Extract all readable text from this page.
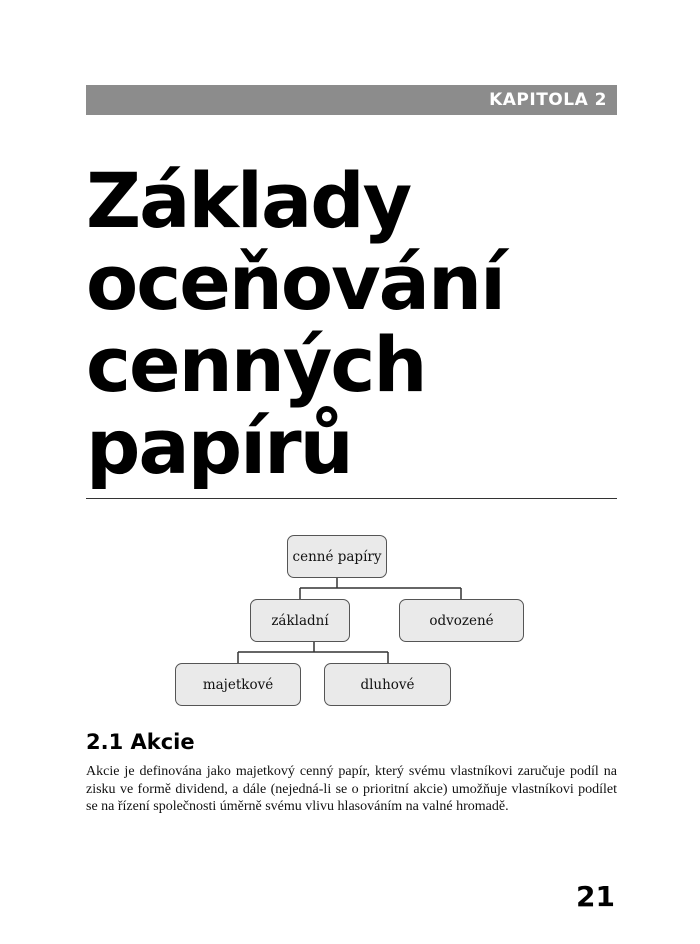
KAPITOLA 2
Základy
oceňování
cenných
papírů
cenné papíry
základní	odvozené
majetkové	dluhové
2.1 Akcie

Akcie je definována jako majetkový cenný papír, který svému vlastníkovi zaručuje podíl na zisku ve formě dividend, a dále (nejedná-li se o prioritní akcie) umožňuje vlastníkovi podílet se na řízení společnosti úměrně svému vlivu hlasováním na valné hromadě.

21
